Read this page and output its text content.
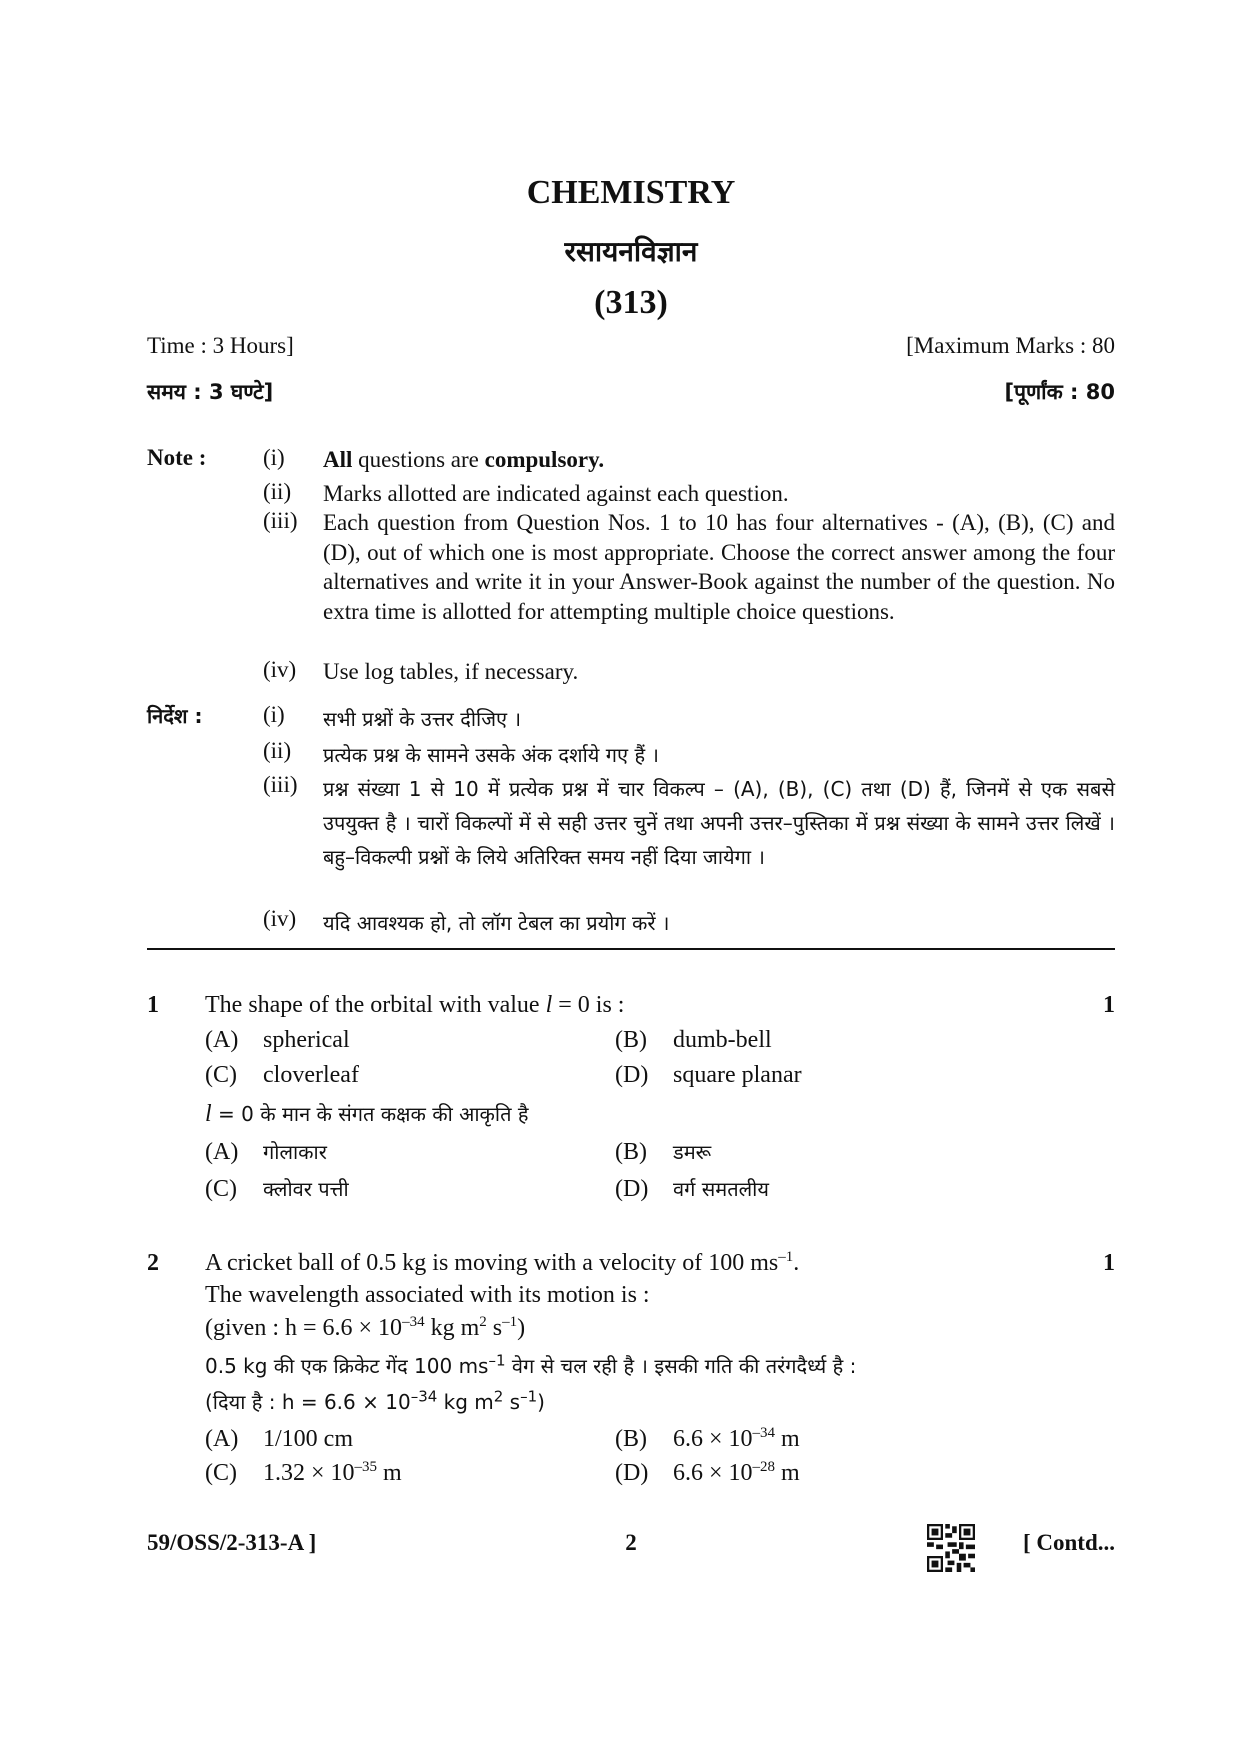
CHEMISTRY
रसायनविज्ञान
(313)
Time : 3 Hours]	[Maximum Marks : 80
समय : 3 घण्टे]	[पूर्णांक : 80
Note : (i)	All questions are compulsory.
(ii)	Marks allotted are indicated against each question.
(iii)	Each question from Question Nos. 1 to 10 has four alternatives - (A), (B), (C) and (D), out of which one is most appropriate. Choose the correct answer among the four alternatives and write it in your Answer-Book against the number of the question. No extra time is allotted for attempting multiple choice questions.
(iv)	Use log tables, if necessary.
निर्देश :	(i)	सभी प्रश्नों के उत्तर दीजिए ।
(ii)	प्रत्येक प्रश्न के सामने उसके अंक दर्शाये गए हैं ।
(iii)	प्रश्न संख्या 1 से 10 में प्रत्येक प्रश्न में चार विकल्प – (A), (B), (C) तथा (D) हैं, जिनमें से एक सबसे उपयुक्त है । चारों विकल्पों में से सही उत्तर चुनें तथा अपनी उत्तर–पुस्तिका में प्रश्न संख्या के सामने उत्तर लिखें । बहु–विकल्पी प्रश्नों के लिये अतिरिक्त समय नहीं दिया जायेगा ।
(iv)	यदि आवश्यक हो, तो लॉग टेबल का प्रयोग करें ।
1	1
The shape of the orbital with value l = 0 is :
(A) spherical	(B) dumb-bell
(C) cloverleaf	(D) square planar
l = 0 के मान के संगत कक्षक की आकृति है
(A) गोलाकार	(B) डमरू
(C) क्लोवर पत्ती	(D) वर्ग समतलीय
2	1
A cricket ball of 0.5 kg is moving with a velocity of 100 $ms^{-1}$.
The wavelength associated with its motion is :
(given : $h = 6.6 \times 10^{-34}$ kg $m^2$ $s^{-1}$)
0.5 kg की एक क्रिकेट गेंद 100 $ms^{-1}$ वेग से चल रही है । इसकी गति की तरंगदैर्ध्य है :
(दिया है : $h = 6.6 \times 10^{-34}$ kg $m^2$ $s^{-1}$)
(A) 1/100 cm	(B) $6.6 \times 10^{-34}$ m
(C) $1.32 \times 10^{-35}$ m	(D) $6.6 \times 10^{-28}$ m
59/OSS/2-313-A ]	2	[ Contd...
